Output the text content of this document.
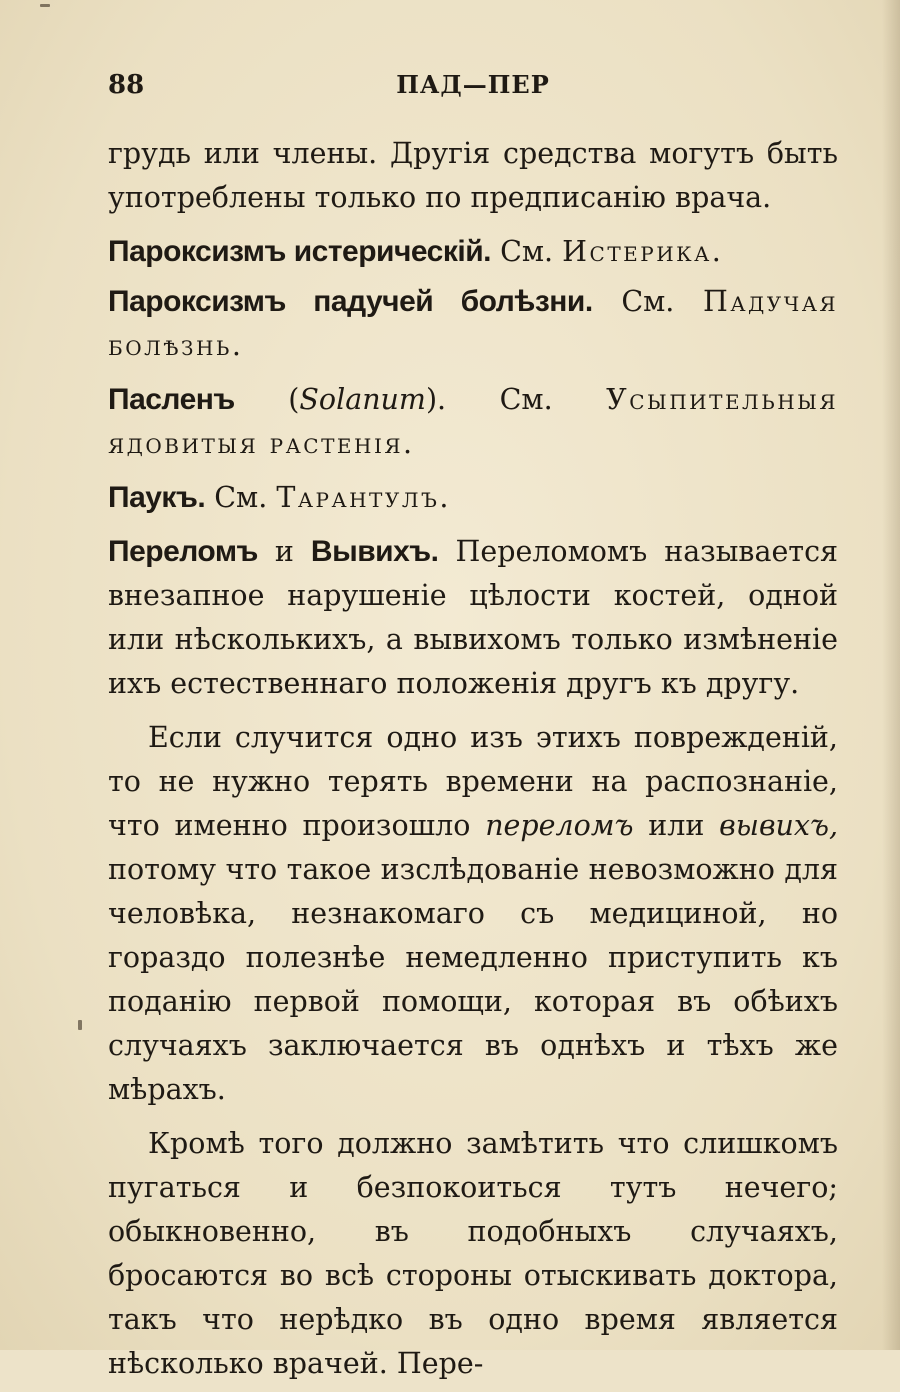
88	ПАД—ПЕР

грудь или члены. Другія средства могутъ быть употреблены только по предписанію врача.

Пароксизмъ истерическій. См. Истерика.

Пароксизмъ падучей болѣзни. См. Падучая болѣзнь.

Пасленъ (Solanum). См. Усыпительныя ядовитыя растенія.

Паукъ. См. Тарантулъ.

Переломъ и Вывихъ. Переломомъ называется внезапное нарушеніе цѣлости костей, одной или нѣсколькихъ, а вывихомъ только измѣненіе ихъ естественнаго положенія другъ къ другу.

Если случится одно изъ этихъ поврежденій, то не нужно терять времени на распознаніе, что именно произошло переломъ или вывихъ, потому что такое изслѣдованіе невозможно для человѣка, незнакомаго съ медициной, но гораздо полезнѣе немедленно приступить къ поданію первой помощи, которая въ обѣихъ случаяхъ заключается въ однѣхъ и тѣхъ же мѣрахъ.

Кромѣ того должно замѣтить что слишкомъ пугаться и безпокоиться тутъ нечего; обыкновенно, въ подобныхъ случаяхъ, бросаются во всѣ стороны отыскивать доктора, такъ что нерѣдко въ одно время является нѣсколько врачей. Пере-
